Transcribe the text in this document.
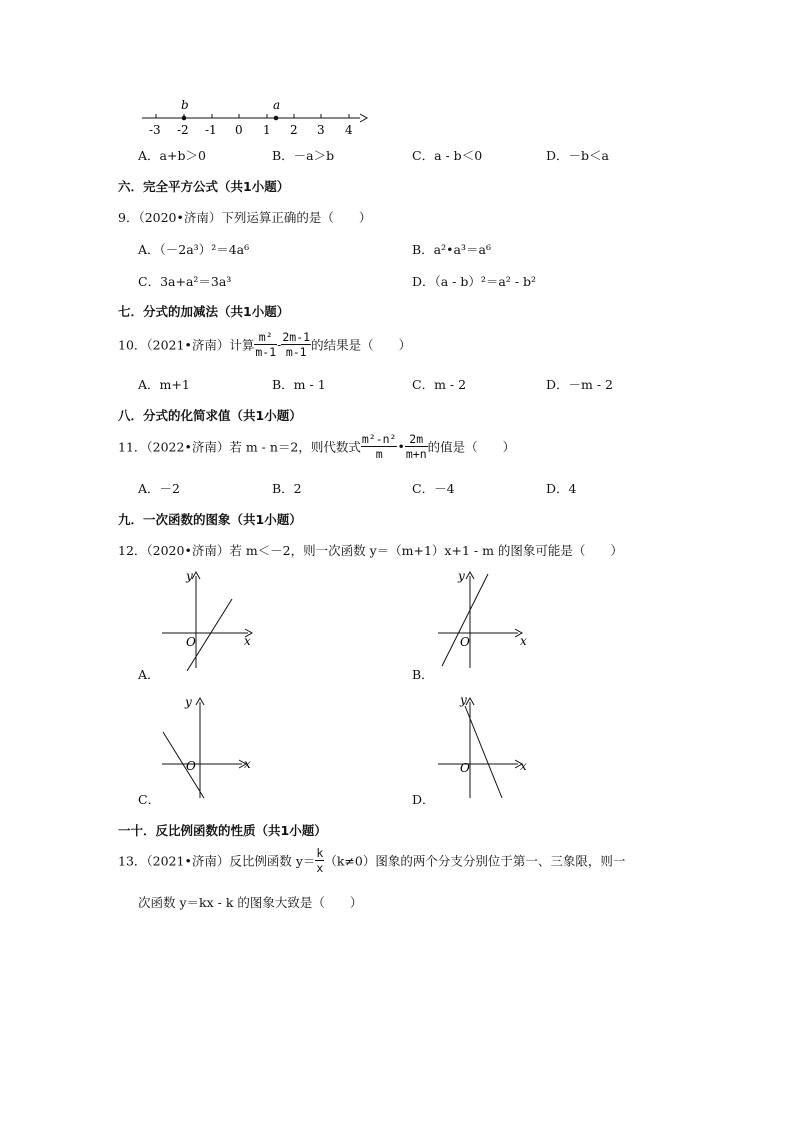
b	a
-3 -2 -1 0 1 2 3 4
A．a+b＞0	B．－a＞b	C．a - b＜0	D．－b＜a
六．完全平方公式（共1小题）
9．（2020•济南）下列运算正确的是（　　）
A．（－2a³）²＝4a⁶	B．a²•a³＝a⁶
C．3a+a²＝3a³	D．（a - b）²＝a² - b²
七．分式的加减法（共1小题）
10．（2021•济南）计算 $\frac{\text{m²}}{m-1} - \frac{2m-1}{m-1}$ 的结果是（　　）
A．m+1	B．m - 1	C．m - 2	D．－m - 2
八．分式的化简求值（共1小题）
11．（2022•济南）若 m - n＝2，则代数式 $\frac{\text{m²-n²}}{m}$ • $\frac{2m}{m+n}$ 的值是（　　）
A．－2	B．2	C．－4	D．4
九．一次函数的图象（共1小题）
12．（2020•济南）若 m＜－2，则一次函数 y＝（m+1）x+1 - m 的图象可能是（　　）
x
y
O
A．
x
y
O
B．
x
y
O
C．
x
y
O
D．
一十．反比例函数的性质（共1小题）
13．（2021•济南）反比例函数 $y= \frac{k}{x} (k\ne 0)$图象的两个分支分别位于第一、三象限，则一
次函数 y＝kx - k 的图象大致是（　　）
